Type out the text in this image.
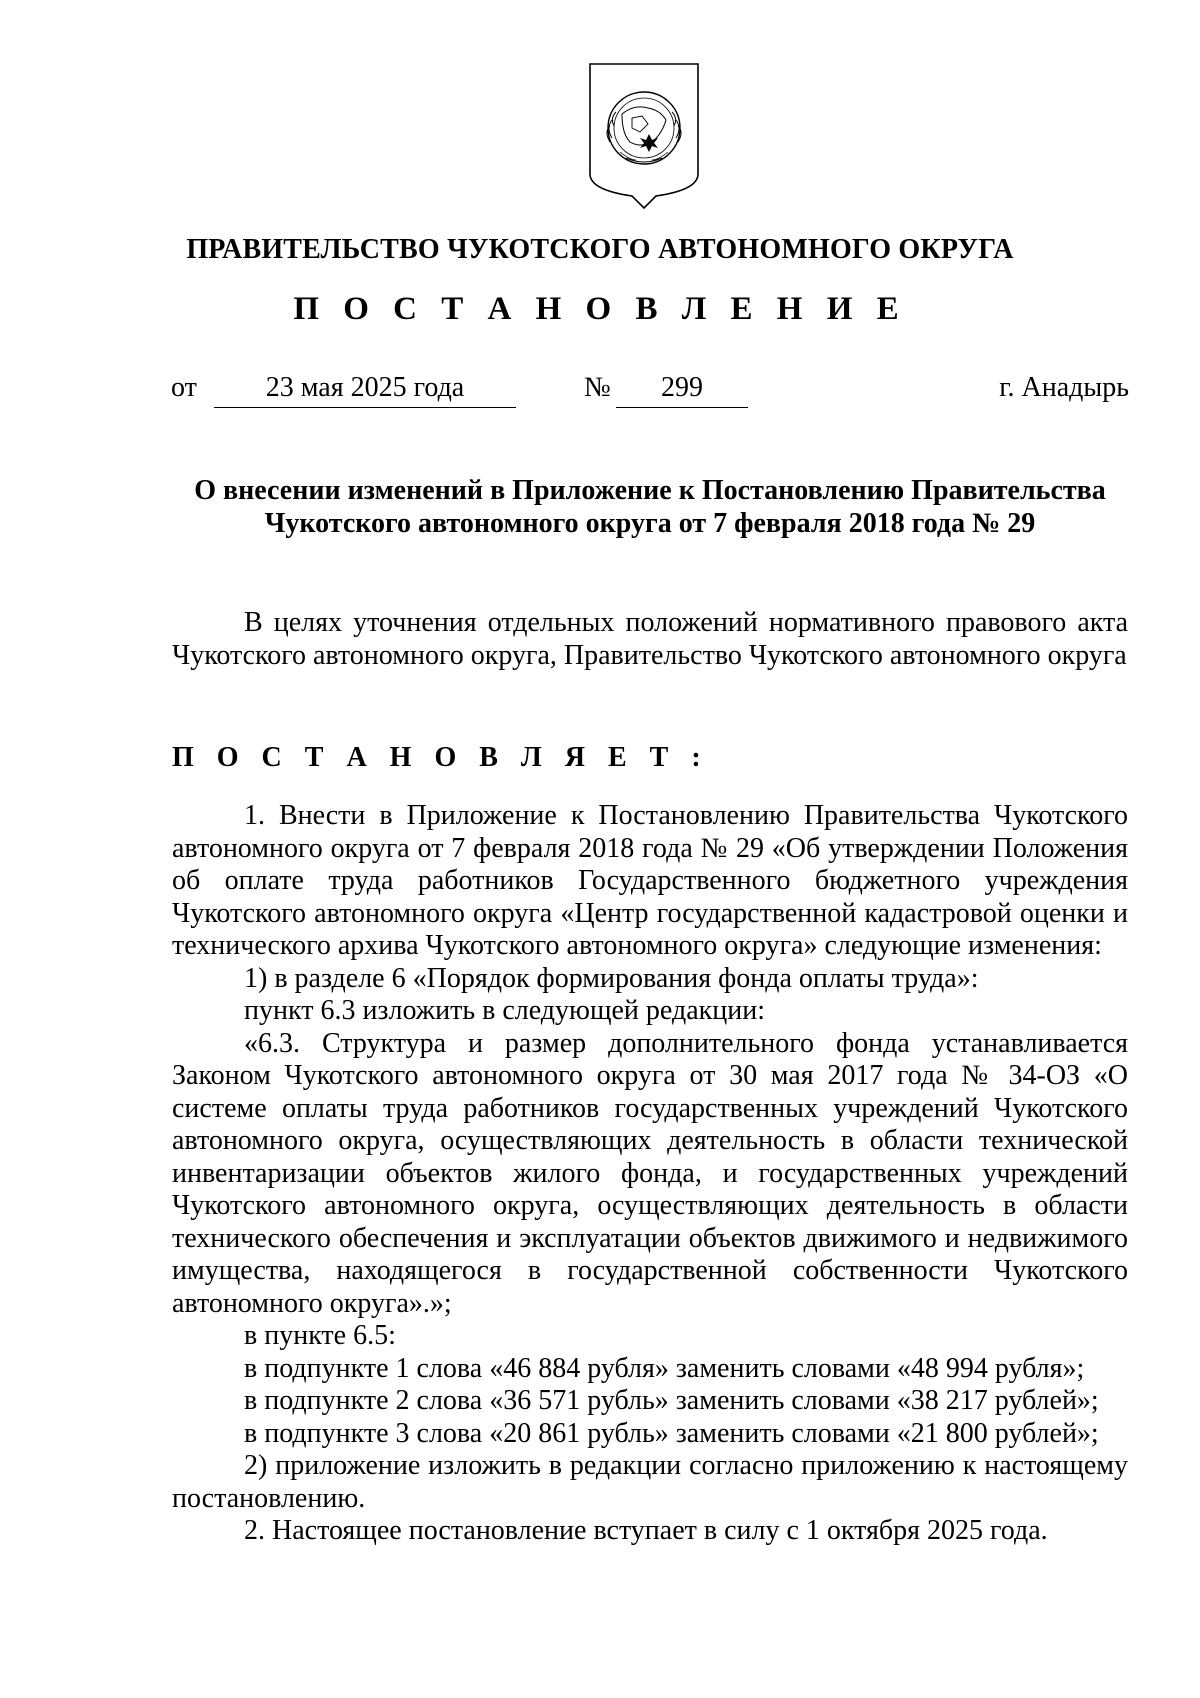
ПРАВИТЕЛЬСТВО ЧУКОТСКОГО АВТОНОМНОГО ОКРУГА
П О С Т А Н О В Л Е Н И Е
от	23 мая 2025 года	№	299	г. Анадырь
О внесении изменений в Приложение к Постановлению Правительства
Чукотского автономного округа от 7 февраля 2018 года № 29

В целях уточнения отдельных положений нормативного правового акта Чукотского автономного округа, Правительство Чукотского автономного округа

П О С Т А Н О В Л Я Е Т :

1. Внести в Приложение к Постановлению Правительства Чукотского автономного округа от 7 февраля 2018 года № 29 «Об утверждении Положения об оплате труда работников Государственного бюджетного учреждения Чукотского автономного округа «Центр государственной кадастровой оценки и технического архива Чукотского автономного округа» следующие изменения:

1) в разделе 6 «Порядок формирования фонда оплаты труда»:

пункт 6.3 изложить в следующей редакции:

«6.3. Структура и размер дополнительного фонда устанавливается Законом Чукотского автономного округа от 30 мая 2017 года № 34-ОЗ «О системе оплаты труда работников государственных учреждений Чукотского автономного округа, осуществляющих деятельность в области технической инвентаризации объектов жилого фонда, и государственных учреждений Чукотского автономного округа, осуществляющих деятельность в области технического обеспечения и эксплуатации объектов движимого и недвижимого имущества, находящегося в государственной собственности Чукотского автономного округа».»;

в пункте 6.5:

в подпункте 1 слова «46 884 рубля» заменить словами «48 994 рубля»;

в подпункте 2 слова «36 571 рубль» заменить словами «38 217 рублей»;

в подпункте 3 слова «20 861 рубль» заменить словами «21 800 рублей»;

2) приложение изложить в редакции согласно приложению к настоящему постановлению.

2. Настоящее постановление вступает в силу с 1 октября 2025 года.
